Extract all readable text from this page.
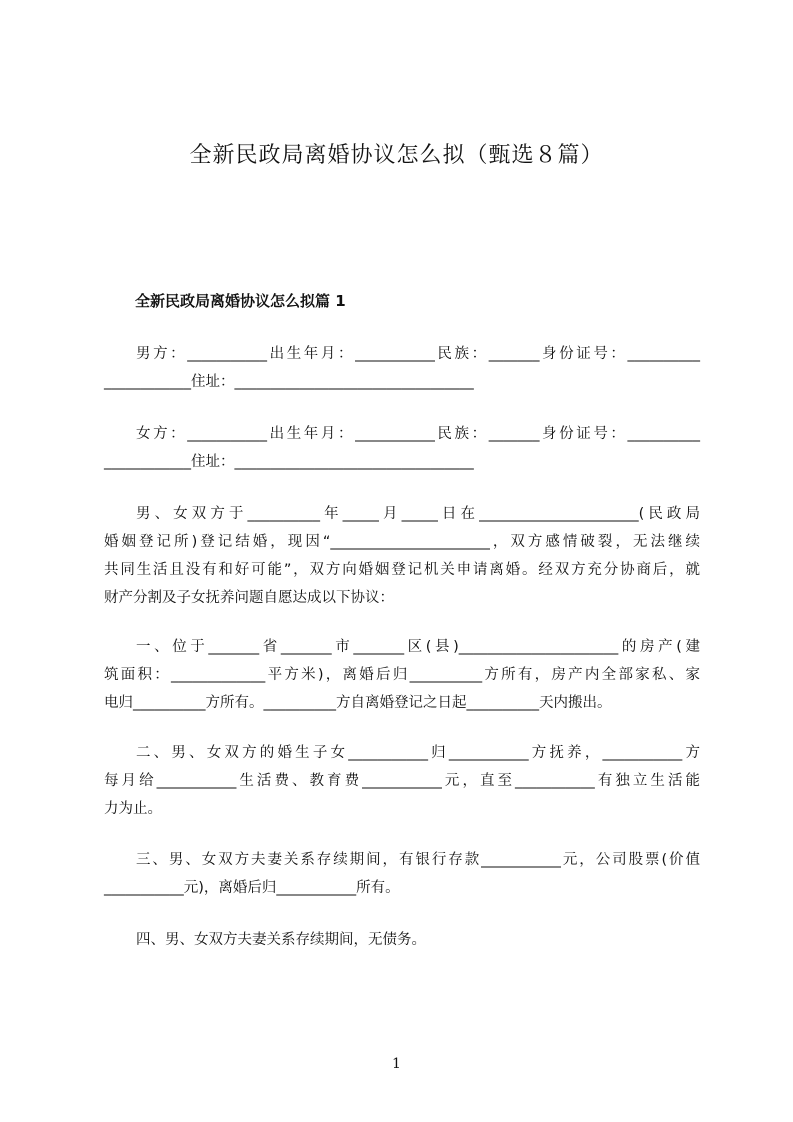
全新民政局离婚协议怎么拟（甄选８篇）
全新民政局离婚协议怎么拟篇 1
男方：___________出生年月：___________民族：_______身份证号：__________
____________住址：_________________________________
女方：___________出生年月：___________民族：_______身份证号：__________
____________住址：_________________________________
男、女双方于__________年_____月_____日在______________________(民政局
婚姻登记所)登记结婚，现因“______________________，双方感情破裂，无法继续
共同生活且没有和好可能”，双方向婚姻登记机关申请离婚。经双方充分协商后，就
财产分割及子女抚养问题自愿达成以下协议：
一、位于_______省_______市_______区(县)______________________的房产(建
筑面积：_____________平方米)，离婚后归__________方所有，房产内全部家私、家
电归__________方所有。__________方自离婚登记之日起__________天内搬出。
二、男、女双方的婚生子女___________归___________方抚养，___________方
每月给___________生活费、教育费___________元，直至___________有独立生活能
力为止。
三、男、女双方夫妻关系存续期间，有银行存款___________元，公司股票(价值
___________元)，离婚后归___________所有。
四、男、女双方夫妻关系存续期间，无债务。
1
